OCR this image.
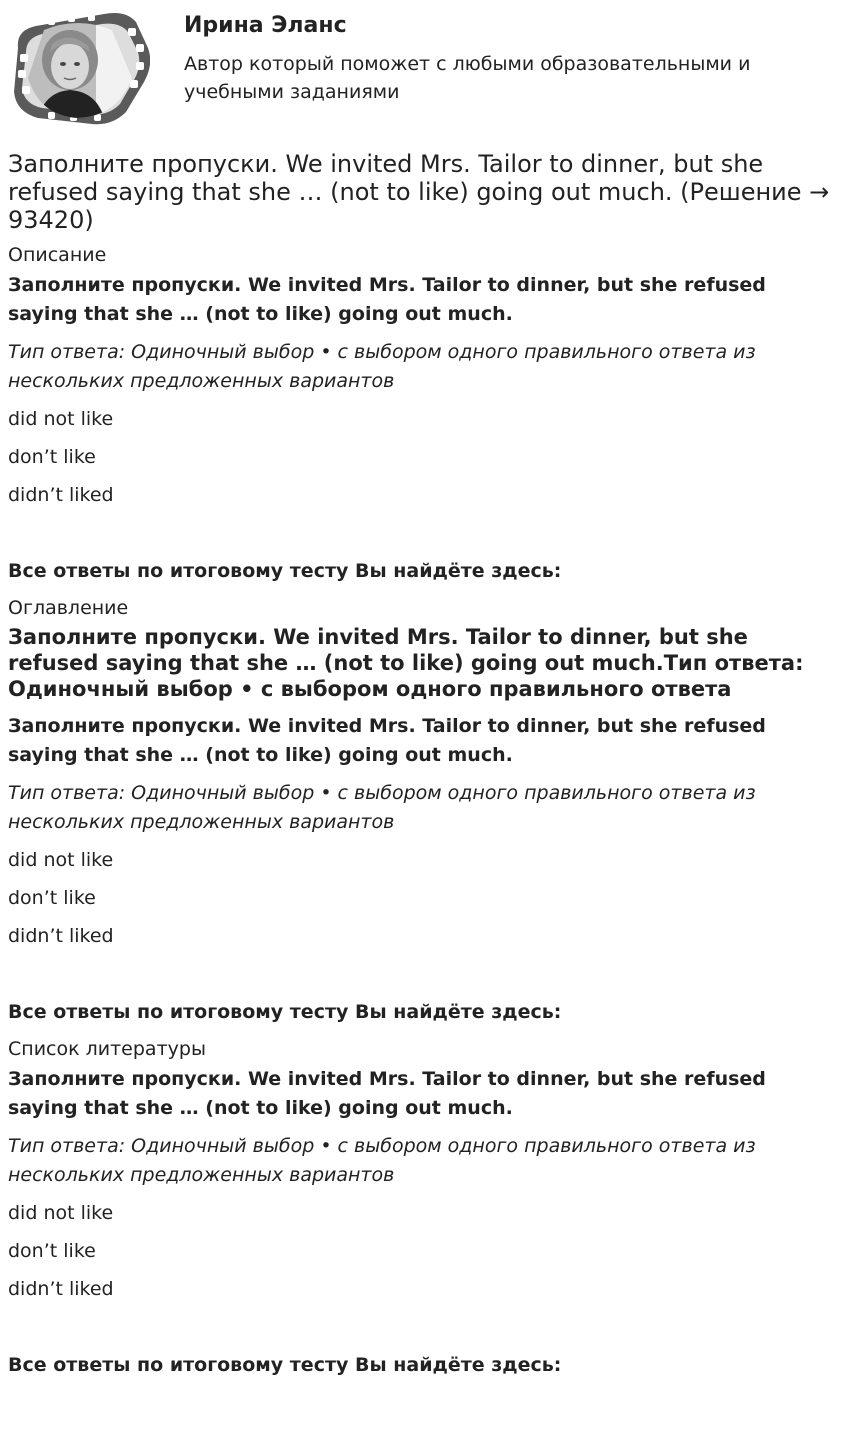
Ирина Эланс

Автор который поможет с любыми образовательными и учебными заданиями

Заполните пропуски. We invited Mrs. Tailor to dinner, but she refused saying that she … (not to like) going out much. (Решение → 93420)
Описание
Заполните пропуски. We invited Mrs. Tailor to dinner, but she refused saying that she … (not to like) going out much.
Тип ответа: Одиночный выбор • с выбором одного правильного ответа из нескольких предложенных вариантов
did not like
don’t like
didn’t liked
Все ответы по итоговому тесту Вы найдёте здесь:
Оглавление
Заполните пропуски. We invited Mrs. Tailor to dinner, but she refused saying that she … (not to like) going out much.Тип ответа: Одиночный выбор • с выбором одного правильного ответа
Заполните пропуски. We invited Mrs. Tailor to dinner, but she refused saying that she … (not to like) going out much.
Тип ответа: Одиночный выбор • с выбором одного правильного ответа из нескольких предложенных вариантов
did not like
don’t like
didn’t liked
Все ответы по итоговому тесту Вы найдёте здесь:
Список литературы
Заполните пропуски. We invited Mrs. Tailor to dinner, but she refused saying that she … (not to like) going out much.
Тип ответа: Одиночный выбор • с выбором одного правильного ответа из нескольких предложенных вариантов
did not like
don’t like
didn’t liked
Все ответы по итоговому тесту Вы найдёте здесь:
